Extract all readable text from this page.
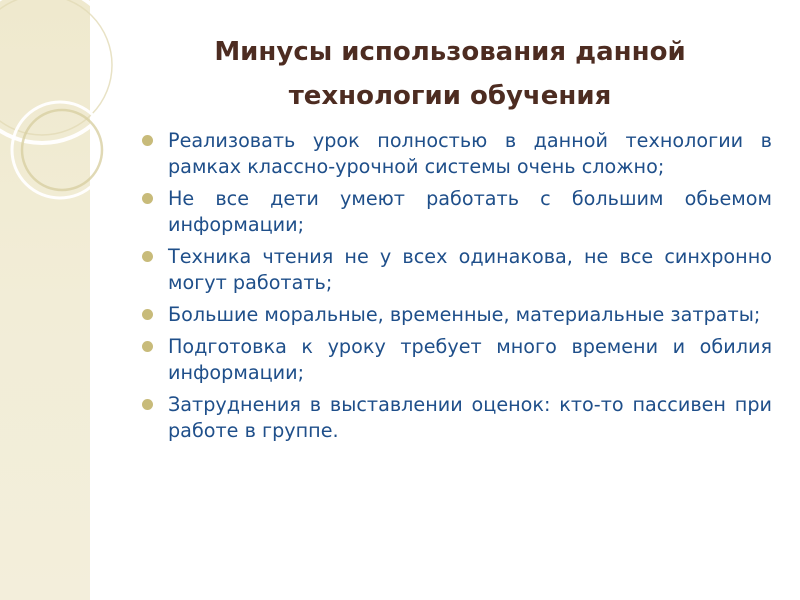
Минусы использования данной технологии обучения
Реализовать урок полностью в данной технологии в рамках классно-урочной системы очень сложно;
Не все дети умеют работать с большим обьемом информации;
Техника чтения не у всех одинакова, не все синхронно могут работать;
Большие моральные, временные, материальные затраты;
Подготовка к уроку требует много времени и обилия информации;
Затруднения в выставлении оценок: кто-то пассивен при работе в группе.
